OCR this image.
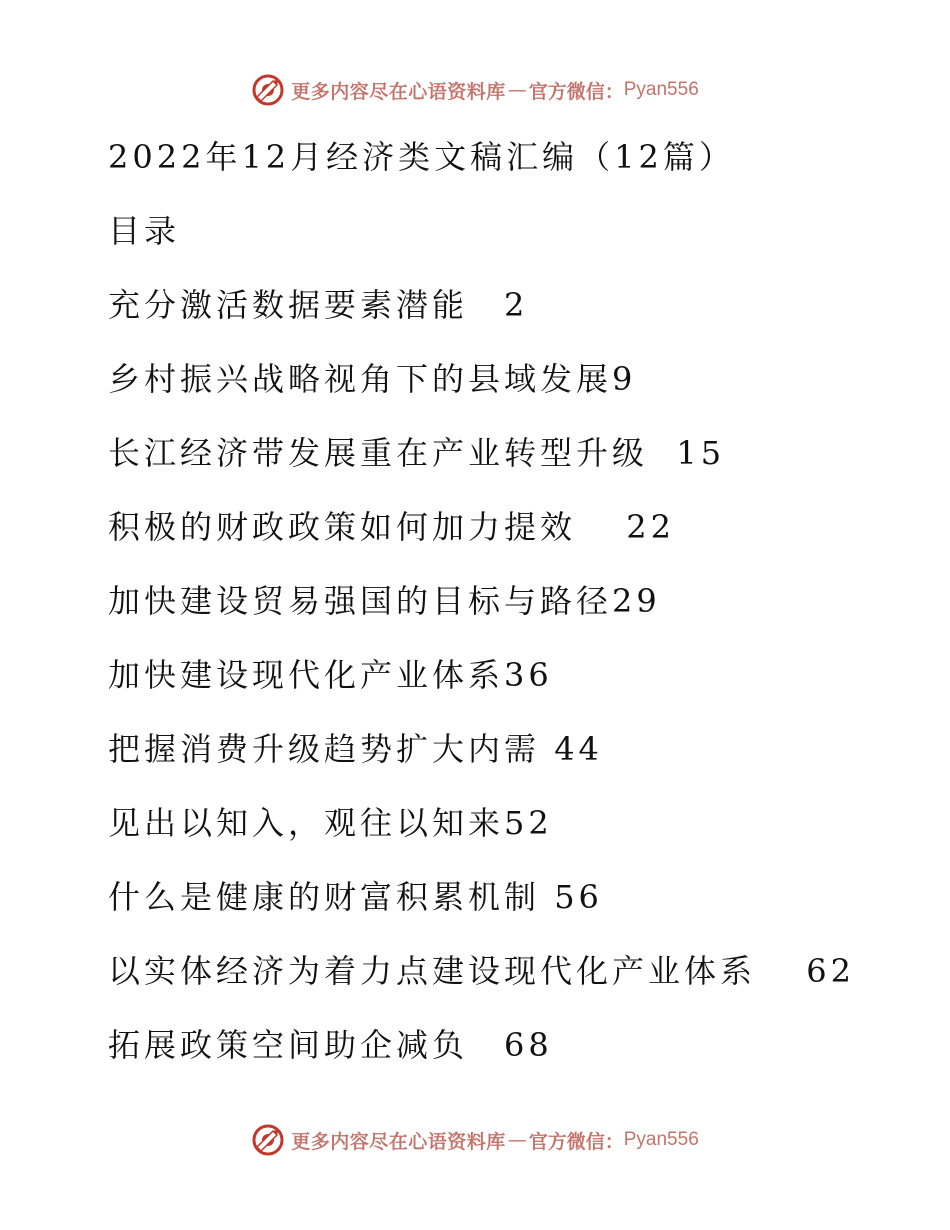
更多内容尽在心语资料库 — 官方微信： Pyan556
2022年12月经济类文稿汇编（12篇）
目录
充分激活数据要素潜能　 2
乡村振兴战略视角下的县域发展9
长江经济带发展重在产业转型升级 15
积极的财政政策如何加力提效　 22
加快建设贸易强国的目标与路径29
加快建设现代化产业体系36
把握消费升级趋势扩大内需 44
见出以知入，观往以知来52
什么是健康的财富积累机制 56
以实体经济为着力点建设现代化产业体系　 62
拓展政策空间助企减负　 68
更多内容尽在心语资料库 — 官方微信： Pyan556
